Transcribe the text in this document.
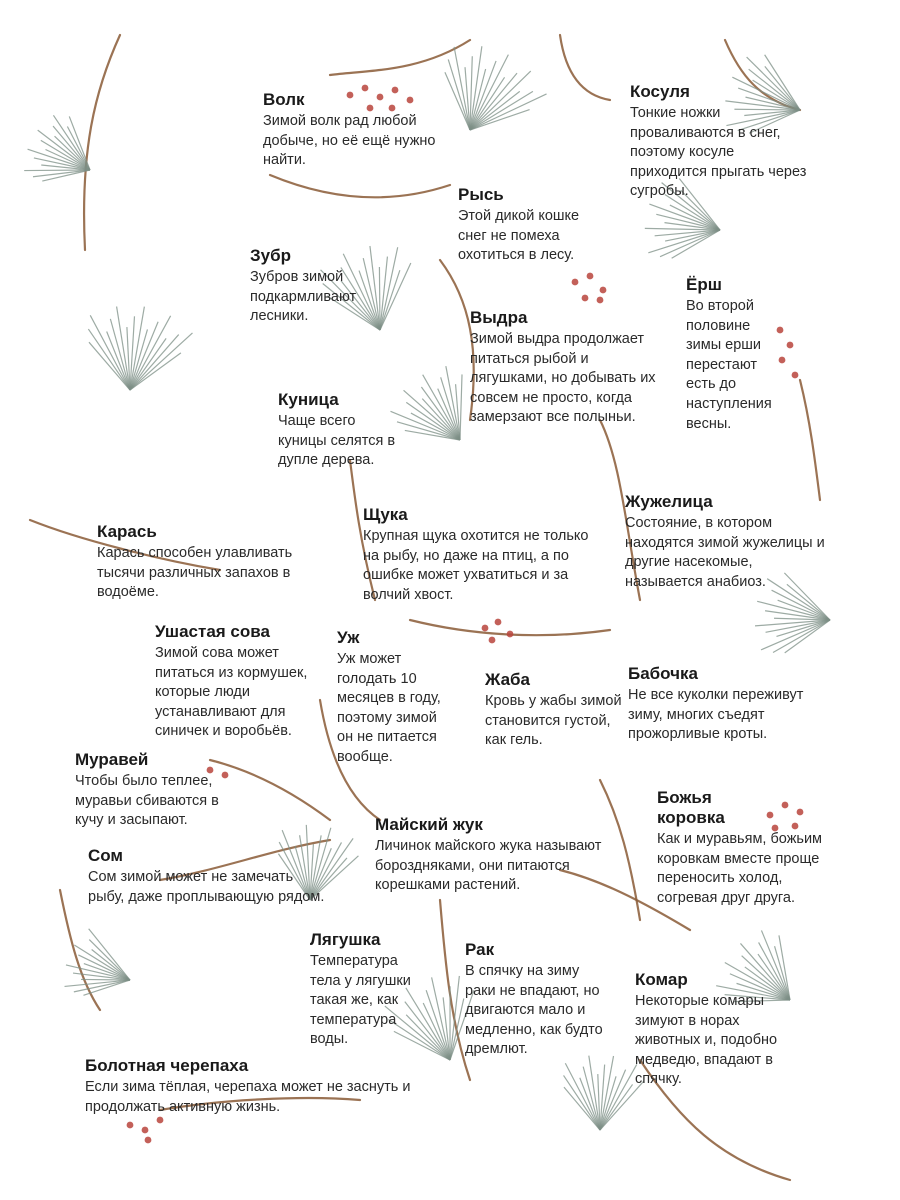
Волк
Зимой волк рад любой добыче, но её ещё нужно найти.
Косуля
Тонкие ножки проваливаются в снег, поэтому косуле приходится прыгать через сугробы.
Рысь
Этой дикой кошке снег не помеха охотиться в лесу.
Зубр
Зубров зимой подкармливают лесники.
Ёрш
Во второй половине зимы ерши перестают есть до наступления весны.
Выдра
Зимой выдра продолжает питаться рыбой и лягушками, но добывать их совсем не просто, когда замерзают все полыньи.
Куница
Чаще всего куницы селятся в дупле дерева.
Карась
Карась способен улавливать тысячи различных запахов в водоёме.
Щука
Крупная щука охотится не только на рыбу, но даже на птиц, а по ошибке может ухватиться и за волчий хвост.
Жужелица
Состояние, в котором находятся зимой жужелицы и другие насекомые, называется анабиоз.
Ушастая сова
Зимой сова может питаться из кормушек, которые люди устанавливают для синичек и воробьёв.
Уж
Уж может голодать 10 месяцев в году, поэтому зимой он не питается вообще.
Жаба
Кровь у жабы зимой становится густой, как гель.
Бабочка
Не все куколки переживут зиму, многих съедят прожорливые кроты.
Муравей
Чтобы было теплее, муравьи сбиваются в кучу и засыпают.	Майский жук
Личинок майского жука называют бороздняками, они питаются корешками растений.
Божья коровка
Как и муравьям, божьим коровкам вместе проще переносить холод, согревая друг друга.
Сом
Сом зимой может не замечать рыбу, даже проплывающую рядом.
Лягушка
Температура тела у лягушки такая же, как температура воды.
Рак
В спячку на зиму раки не впадают, но двигаются мало и медленно, как будто дремлют.
Комар
Некоторые комары зимуют в норах животных и, подобно медведю, впадают в спячку.
Болотная черепаха
Если зима тёплая, черепаха может не заснуть и продолжать активную жизнь.
